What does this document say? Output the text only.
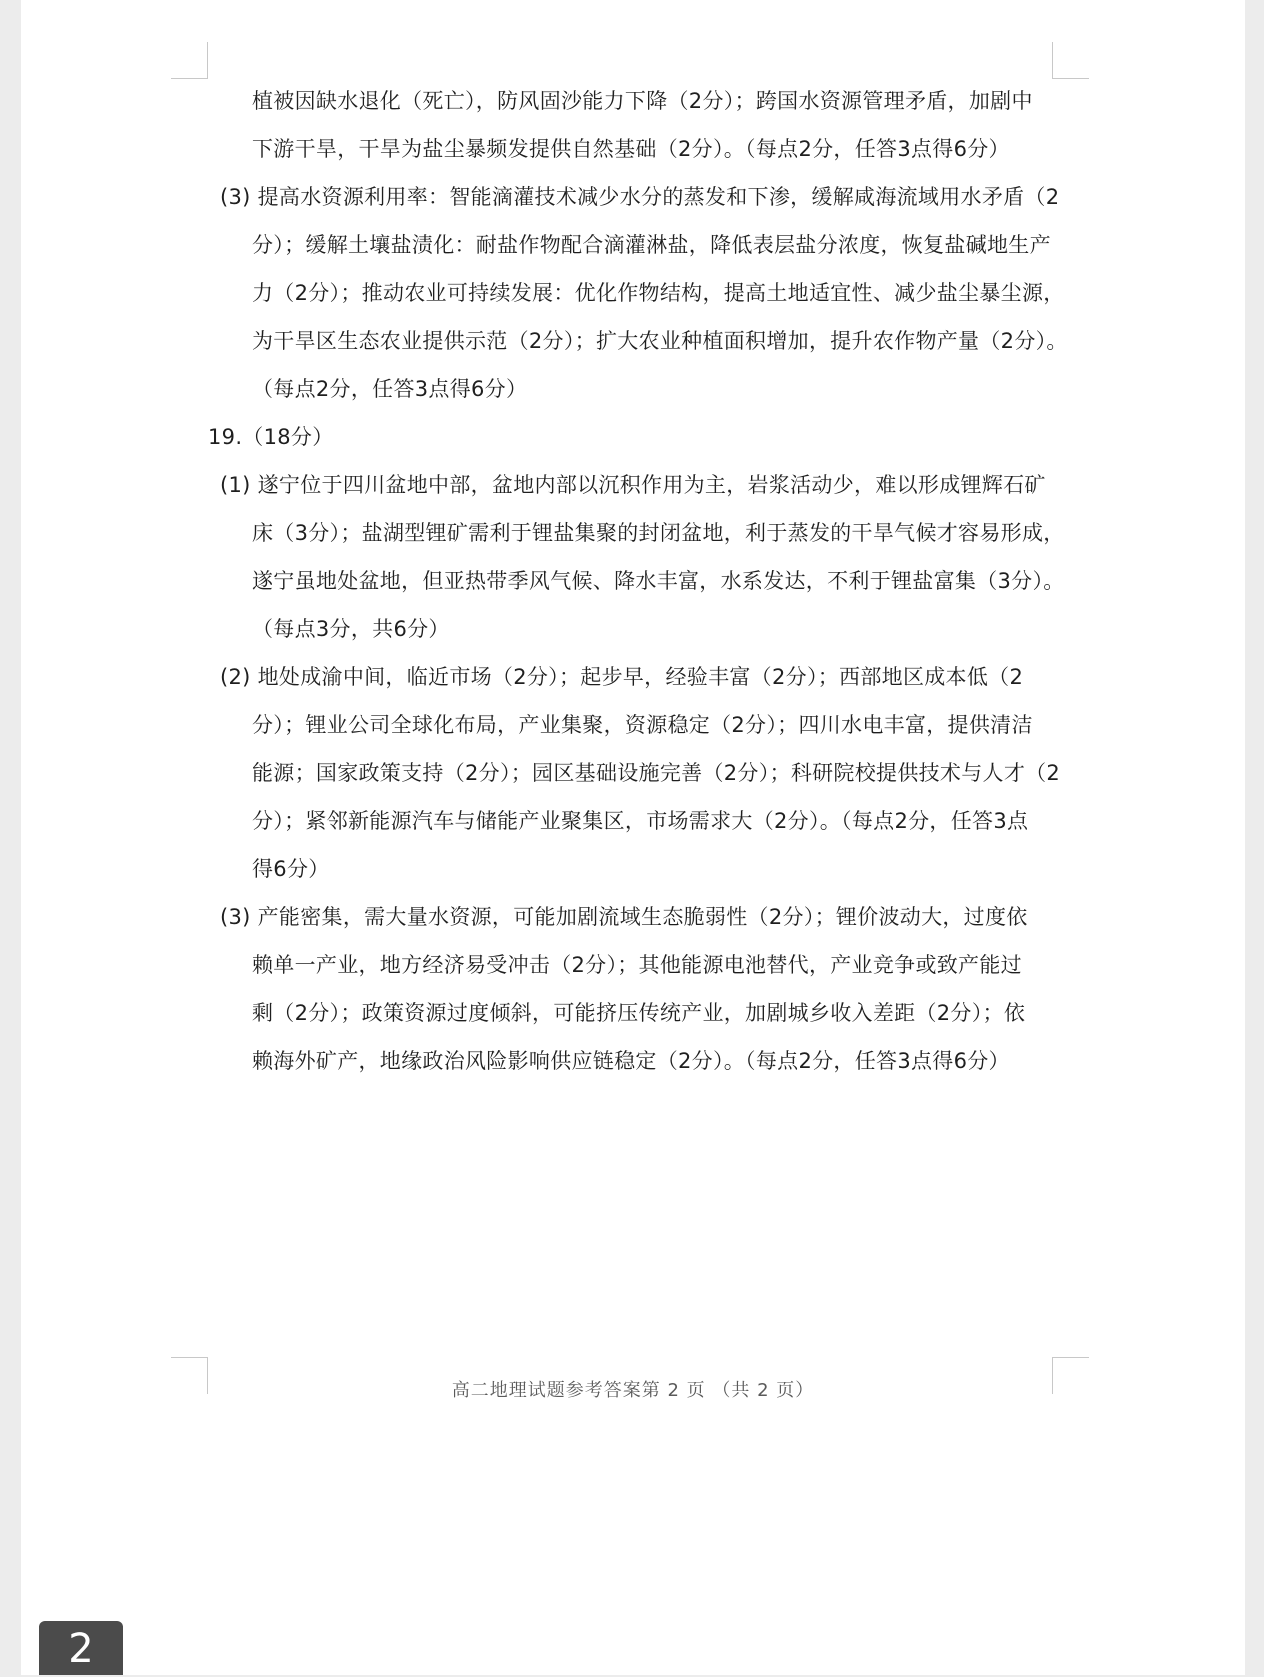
植被因缺水退化（死亡），防风固沙能力下降（2分）；跨国水资源管理矛盾，加剧中
下游干旱，干旱为盐尘暴频发提供自然基础（2分）。（每点2分，任答3点得6分）
(3) 提高水资源利用率：智能滴灌技术减少水分的蒸发和下渗，缓解咸海流域用水矛盾（2
分）；缓解土壤盐渍化：耐盐作物配合滴灌淋盐，降低表层盐分浓度，恢复盐碱地生产
力（2分）；推动农业可持续发展：优化作物结构，提高土地适宜性、减少盐尘暴尘源，
为干旱区生态农业提供示范（2分）；扩大农业种植面积增加，提升农作物产量（2分）。
（每点2分，任答3点得6分）
19.（18分）
(1) 遂宁位于四川盆地中部，盆地内部以沉积作用为主，岩浆活动少，难以形成锂辉石矿
床（3分）；盐湖型锂矿需利于锂盐集聚的封闭盆地，利于蒸发的干旱气候才容易形成，
遂宁虽地处盆地，但亚热带季风气候、降水丰富，水系发达，不利于锂盐富集（3分）。
（每点3分，共6分）
(2) 地处成渝中间，临近市场（2分）；起步早，经验丰富（2分）；西部地区成本低（2
分）；锂业公司全球化布局，产业集聚，资源稳定（2分）；四川水电丰富，提供清洁
能源；国家政策支持（2分）；园区基础设施完善（2分）；科研院校提供技术与人才（2
分）；紧邻新能源汽车与储能产业聚集区，市场需求大（2分）。（每点2分，任答3点
得6分）
(3) 产能密集，需大量水资源，可能加剧流域生态脆弱性（2分）；锂价波动大，过度依
赖单一产业，地方经济易受冲击（2分）；其他能源电池替代，产业竞争或致产能过
剩（2分）；政策资源过度倾斜，可能挤压传统产业，加剧城乡收入差距（2分）；依
赖海外矿产，地缘政治风险影响供应链稳定（2分）。（每点2分，任答3点得6分）
高二地理试题参考答案第 2 页 （共 2 页）
2
